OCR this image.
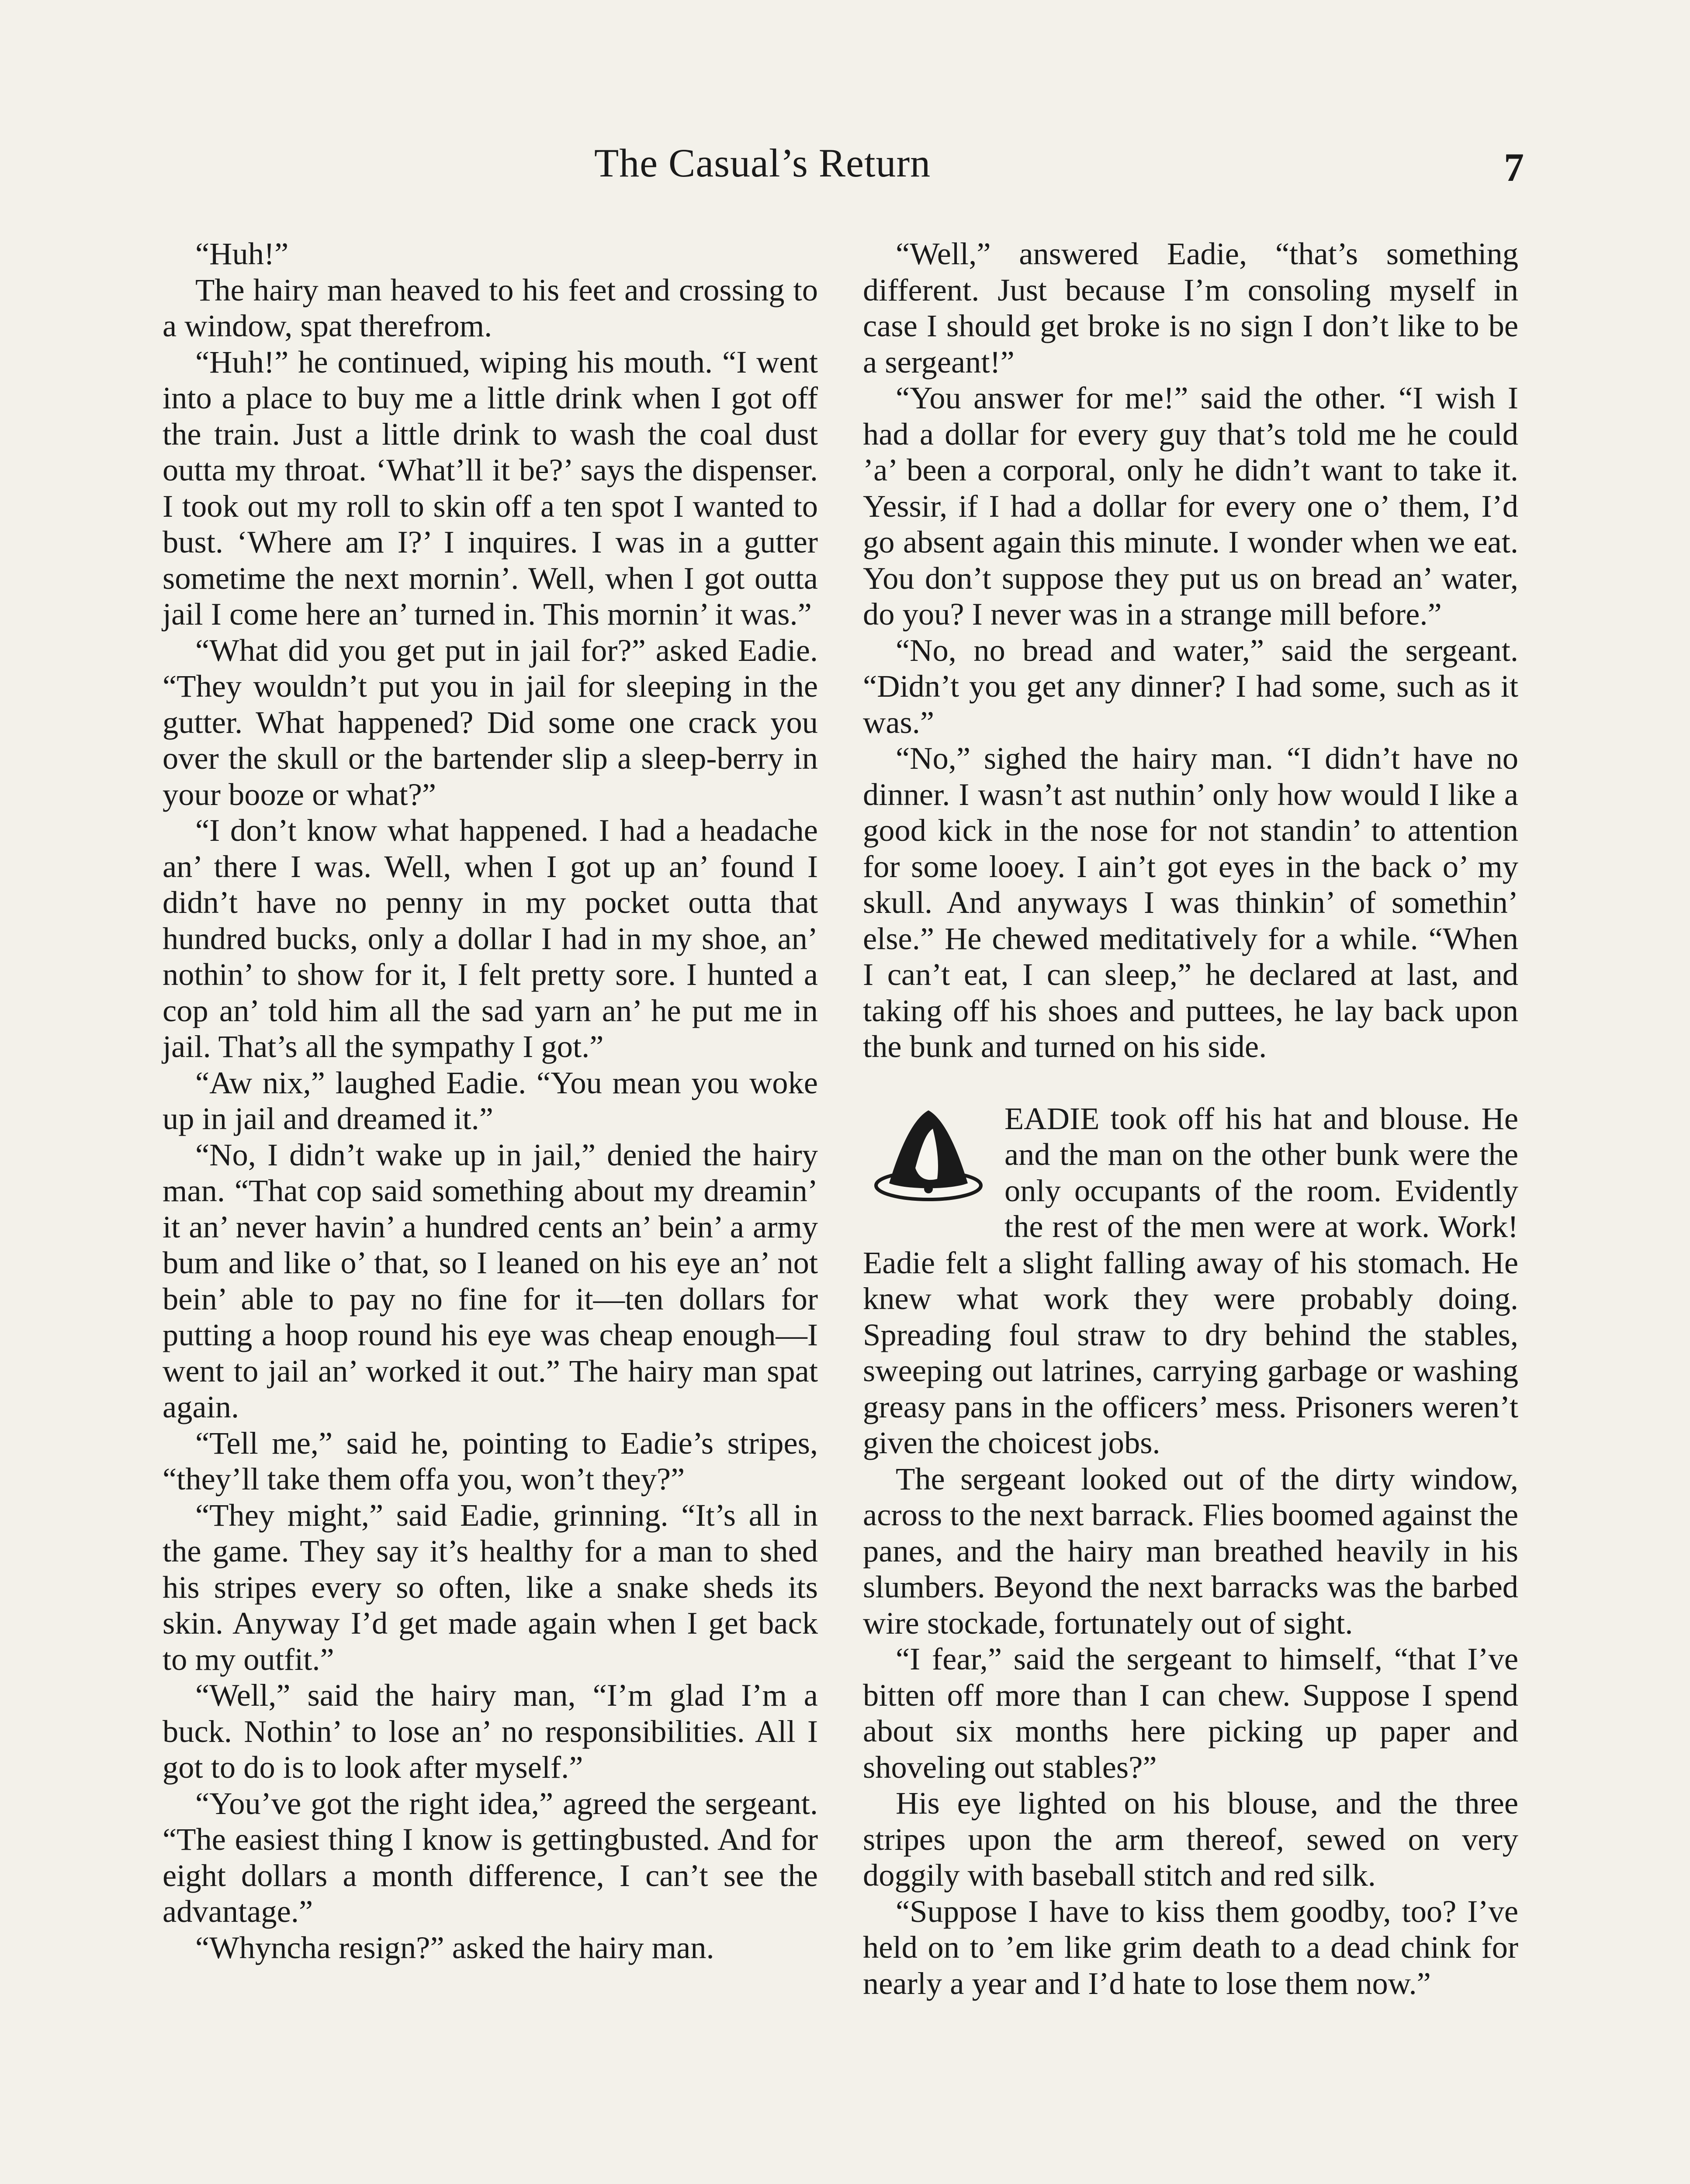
The Casual’s Return	7

“Huh!”

The hairy man heaved to his feet and crossing to a window, spat therefrom.

“Huh!” he continued, wiping his mouth. “I went into a place to buy me a little drink when I got off the train. Just a little drink to wash the coal dust outta my throat. ‘What’ll it be?’ says the dispenser. I took out my roll to skin off a ten spot I wanted to bust. ‘Where am I?’ I inquires. I was in a gutter sometime the next mornin’. Well, when I got outta jail I come here an’ turned in. This mornin’ it was.”

“What did you get put in jail for?” asked Eadie. “They wouldn’t put you in jail for sleeping in the gutter. What happened? Did some one crack you over the skull or the bartender slip a sleep-berry in your booze or what?”

“I don’t know what happened. I had a headache an’ there I was. Well, when I got up an’ found I didn’t have no penny in my pocket outta that hundred bucks, only a dollar I had in my shoe, an’ nothin’ to show for it, I felt pretty sore. I hunted a cop an’ told him all the sad yarn an’ he put me in jail. That’s all the sympathy I got.”

“Aw nix,” laughed Eadie. “You mean you woke up in jail and dreamed it.”

“No, I didn’t wake up in jail,” denied the hairy man. “That cop said something about my dreamin’ it an’ never havin’ a hundred cents an’ bein’ a army bum and like o’ that, so I leaned on his eye an’ not bein’ able to pay no fine for it—ten dollars for putting a hoop round his eye was cheap enough—I went to jail an’ worked it out.” The hairy man spat again.

“Tell me,” said he, pointing to Eadie’s stripes, “they’ll take them offa you, won’t they?”

“They might,” said Eadie, grinning. “It’s all in the game. They say it’s healthy for a man to shed his stripes every so often, like a snake sheds its skin. Anyway I’d get made again when I get back to my outfit.”

“Well,” said the hairy man, “I’m glad I’m a buck. Nothin’ to lose an’ no responsibilities. All I got to do is to look after myself.”

“You’ve got the right idea,” agreed the sergeant. “The easiest thing I know is gettingbusted. And for eight dollars a month difference, I can’t see the advantage.”

“Whyncha resign?” asked the hairy man.

“Well,” answered Eadie, “that’s something different. Just because I’m consoling myself in case I should get broke is no sign I don’t like to be a sergeant!”

“You answer for me!” said the other. “I wish I had a dollar for every guy that’s told me he could ’a’ been a corporal, only he didn’t want to take it. Yessir, if I had a dollar for every one o’ them, I’d go absent again this minute. I wonder when we eat. You don’t suppose they put us on bread an’ water, do you? I never was in a strange mill before.”

“No, no bread and water,” said the sergeant. “Didn’t you get any dinner? I had some, such as it was.”

“No,” sighed the hairy man. “I didn’t have no dinner. I wasn’t ast nuthin’ only how would I like a good kick in the nose for not standin’ to attention for some looey. I ain’t got eyes in the back o’ my skull. And anyways I was thinkin’ of somethin’ else.” He chewed meditatively for a while. “When I can’t eat, I can sleep,” he declared at last, and taking off his shoes and puttees, he lay back upon the bunk and turned on his side.

EADIE took off his hat and blouse. He and the man on the other bunk were the only occupants of the room. Evidently the rest of the men were at work. Work! Eadie felt a slight falling away of his stomach. He knew what work they were probably doing. Spreading foul straw to dry behind the stables, sweeping out latrines, carrying garbage or washing greasy pans in the officers’ mess. Prisoners weren’t given the choicest jobs.

The sergeant looked out of the dirty window, across to the next barrack. Flies boomed against the panes, and the hairy man breathed heavily in his slumbers. Beyond the next barracks was the barbed wire stockade, fortunately out of sight.

“I fear,” said the sergeant to himself, “that I’ve bitten off more than I can chew. Suppose I spend about six months here picking up paper and shoveling out stables?”

His eye lighted on his blouse, and the three stripes upon the arm thereof, sewed on very doggily with baseball stitch and red silk.

“Suppose I have to kiss them goodby, too? I’ve held on to ’em like grim death to a dead chink for nearly a year and I’d hate to lose them now.”
